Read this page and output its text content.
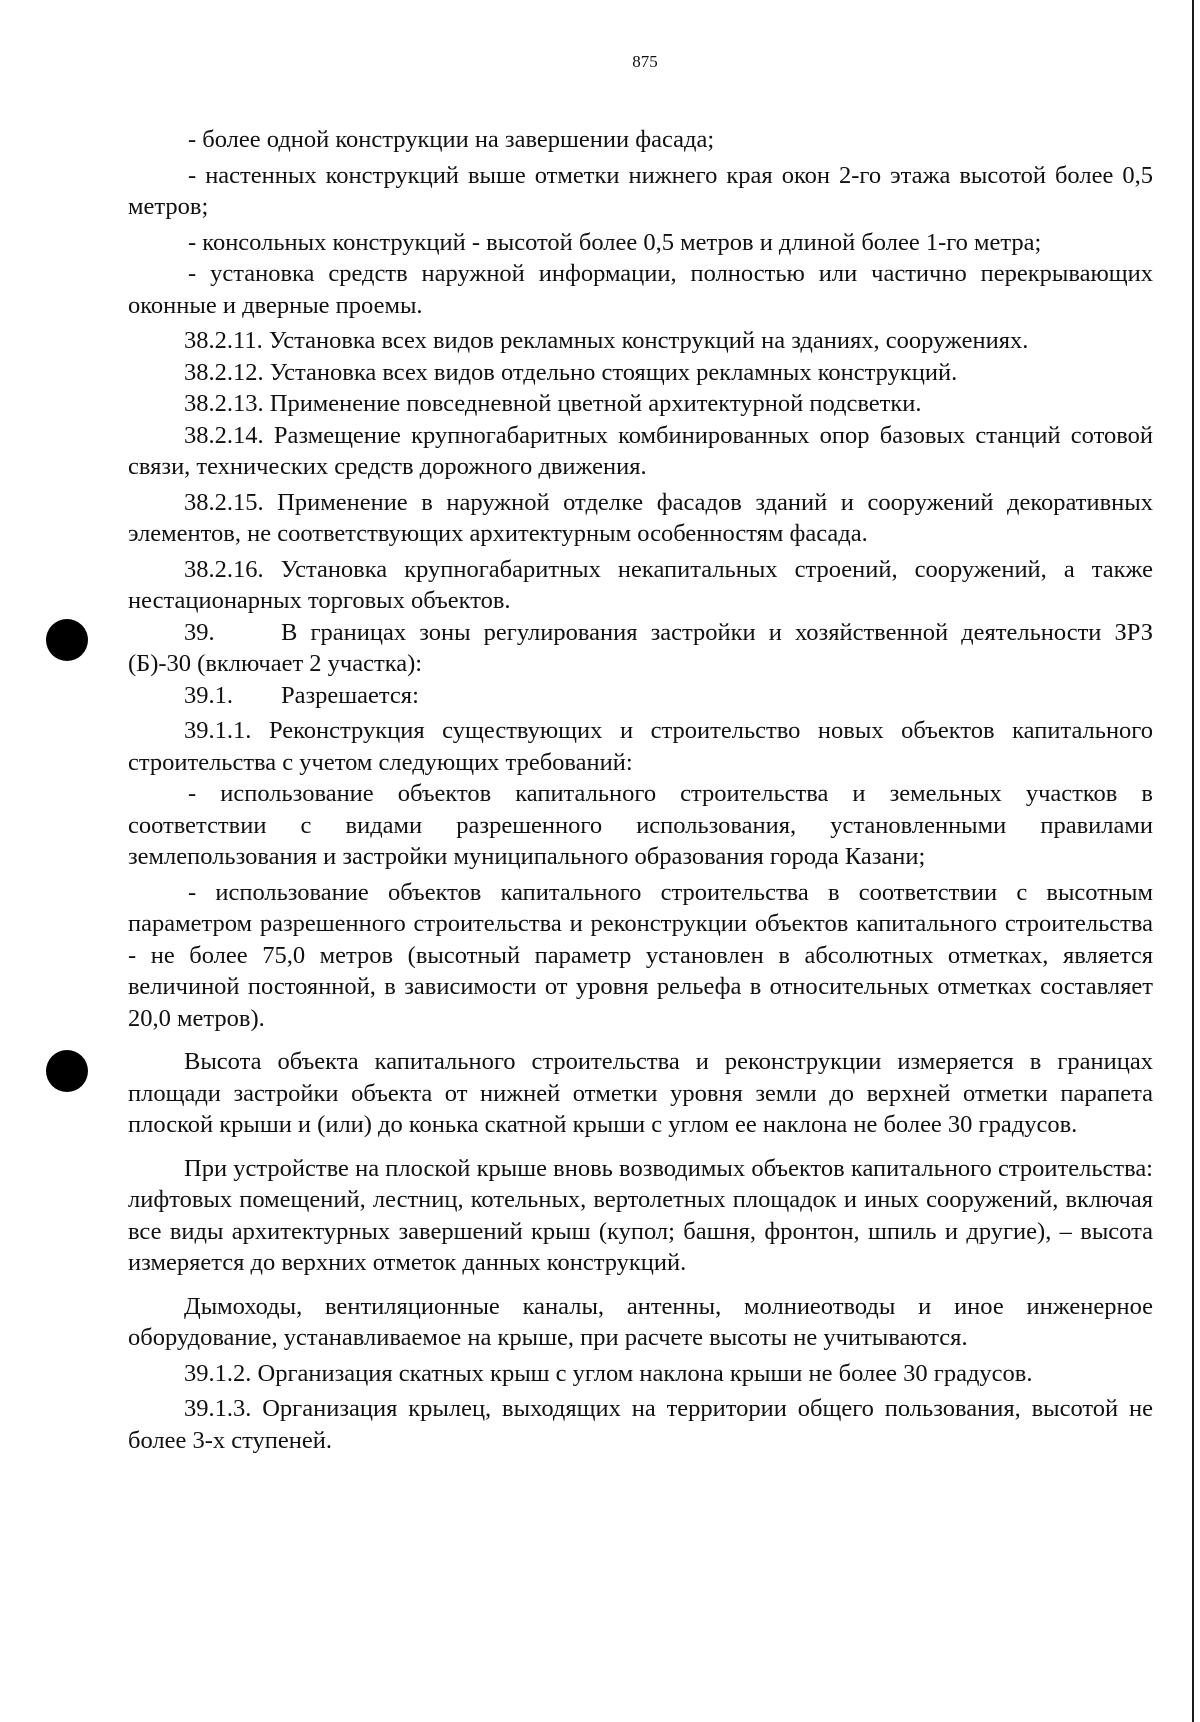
875

- более одной конструкции на завершении фасада;

- настенных конструкций выше отметки нижнего края окон 2-го этажа высотой более 0,5 метров;

- консольных конструкций - высотой более 0,5 метров и длиной более 1-го метра;

- установка средств наружной информации, полностью или частично перекрывающих оконные и дверные проемы.

38.2.11. Установка всех видов рекламных конструкций на зданиях, сооружениях.

38.2.12. Установка всех видов отдельно стоящих рекламных конструкций.

38.2.13. Применение повседневной цветной архитектурной подсветки.

38.2.14. Размещение крупногабаритных комбинированных опор базовых станций сотовой связи, технических средств дорожного движения.

38.2.15. Применение в наружной отделке фасадов зданий и сооружений декоративных элементов, не соответствующих архитектурным особенностям фасада.

38.2.16. Установка крупногабаритных некапитальных строений, сооружений, а также нестационарных торговых объектов.

39.	В границах зоны регулирования застройки и хозяйственной деятельности ЗРЗ (Б)-30 (включает 2 участка):

39.1. Разрешается:

39.1.1. Реконструкция существующих и строительство новых объектов капитального строительства с учетом следующих требований:

- использование объектов капитального строительства и земельных участков в соответствии с видами разрешенного использования, установленными правилами землепользования и застройки муниципального образования города Казани;

- использование объектов капитального строительства в соответствии с высотным параметром разрешенного строительства и реконструкции объектов капитального строительства - не более 75,0 метров (высотный параметр установлен в абсолютных отметках, является величиной постоянной, в зависимости от уровня рельефа в относительных отметках составляет 20,0 метров).

Высота объекта капитального строительства и реконструкции измеряется в границах площади застройки объекта от нижней отметки уровня земли до верхней отметки парапета плоской крыши и (или) до конька скатной крыши с углом ее наклона не более 30 градусов.

При устройстве на плоской крыше вновь возводимых объектов капитального строительства: лифтовых помещений, лестниц, котельных, вертолетных площадок и иных сооружений, включая все виды архитектурных завершений крыш (купол; башня, фронтон, шпиль и другие), – высота измеряется до верхних отметок данных конструкций.

Дымоходы, вентиляционные каналы, антенны, молниеотводы и иное инженерное оборудование, устанавливаемое на крыше, при расчете высоты не учитываются.

39.1.2. Организация скатных крыш с углом наклона крыши не более 30 градусов.

39.1.3. Организация крылец, выходящих на территории общего пользования, высотой не более 3-х ступеней.
